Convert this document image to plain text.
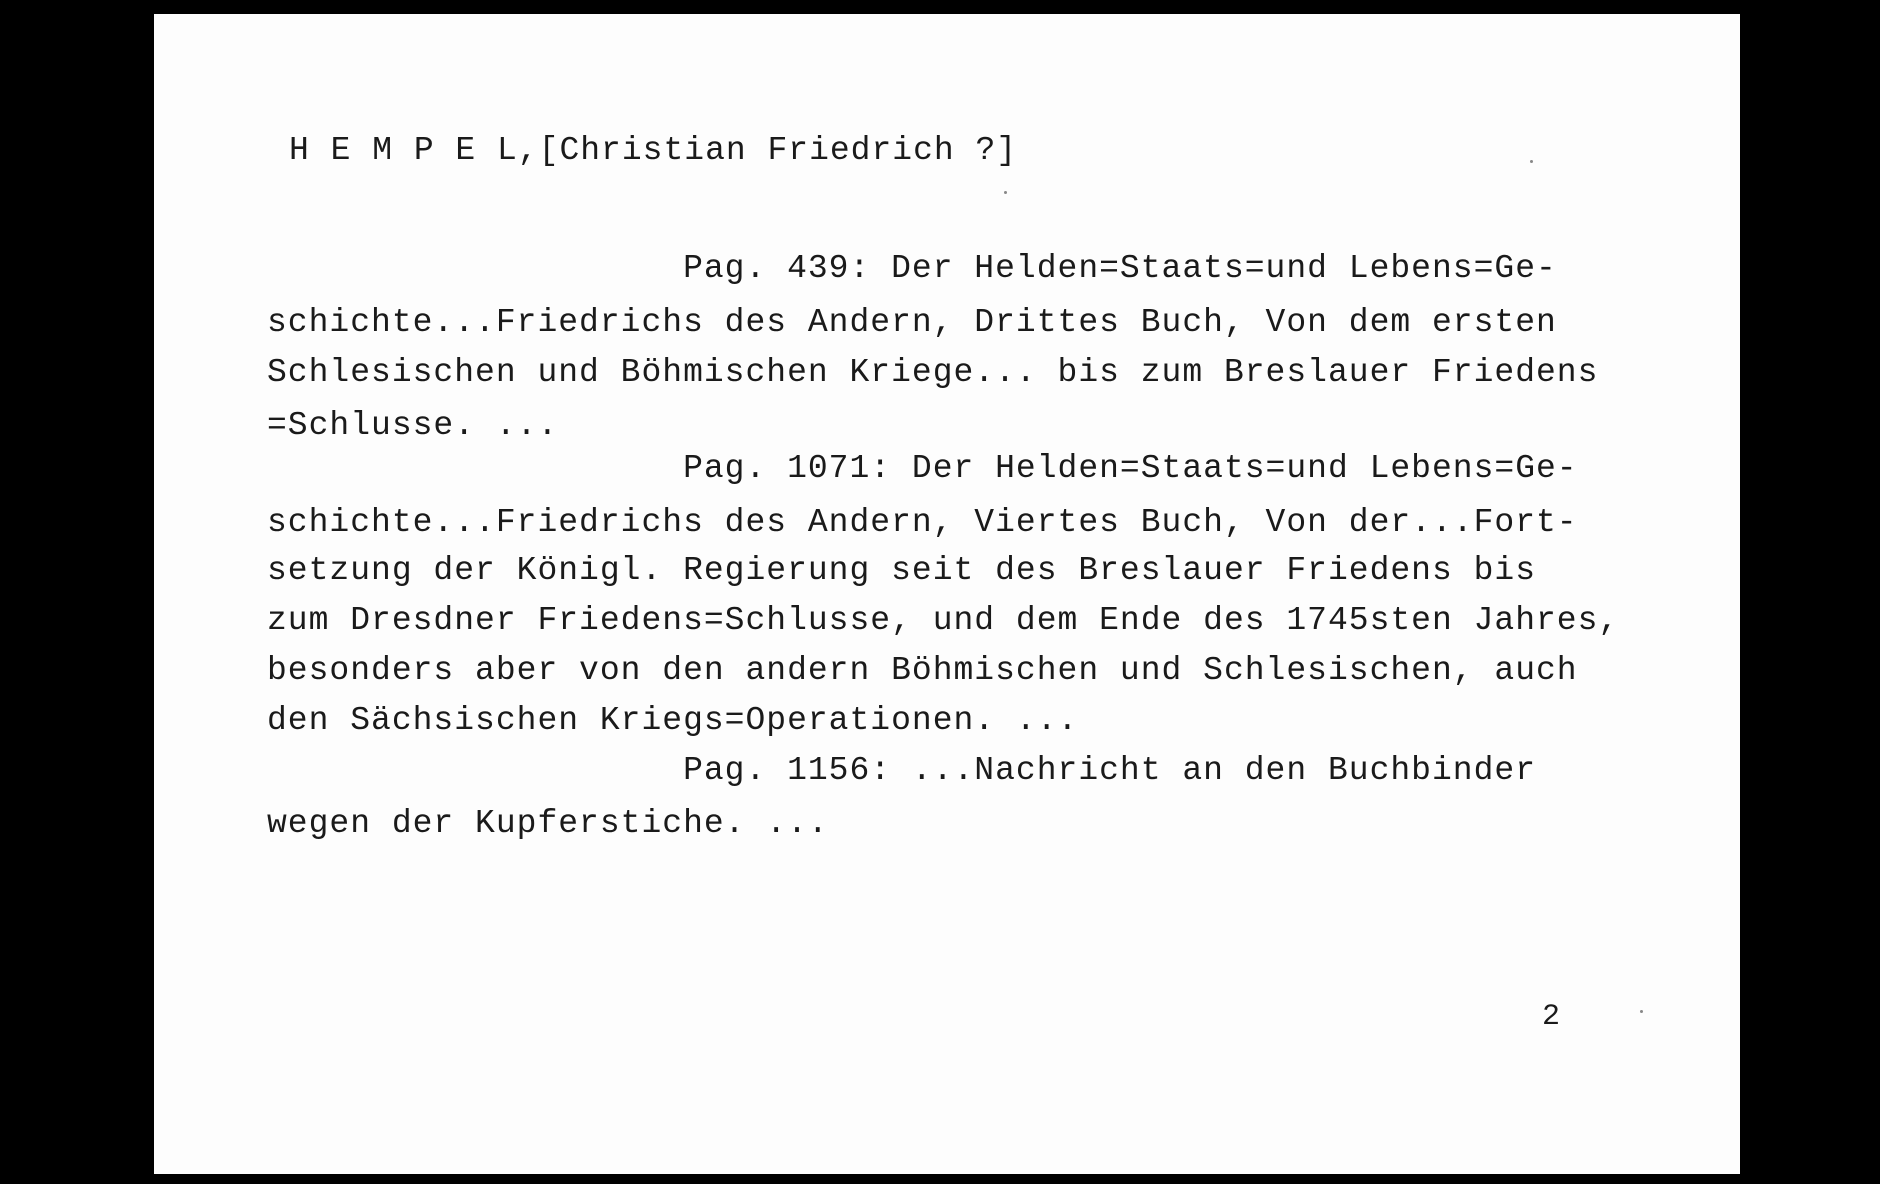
H E M P E L,[Christian Friedrich ?]
Pag. 439: Der Helden=Staats=und Lebens=Ge-
schichte...Friedrichs des Andern, Drittes Buch, Von dem ersten
Schlesischen und Böhmischen Kriege... bis zum Breslauer Friedens
=Schlusse. ...
Pag. 1071: Der Helden=Staats=und Lebens=Ge-
schichte...Friedrichs des Andern, Viertes Buch, Von der...Fort-
setzung der Königl. Regierung seit des Breslauer Friedens bis
zum Dresdner Friedens=Schlusse, und dem Ende des 1745sten Jahres,
besonders aber von den andern Böhmischen und Schlesischen, auch
den Sächsischen Kriegs=Operationen. ...
Pag. 1156: ...Nachricht an den Buchbinder
wegen der Kupferstiche. ...
2
